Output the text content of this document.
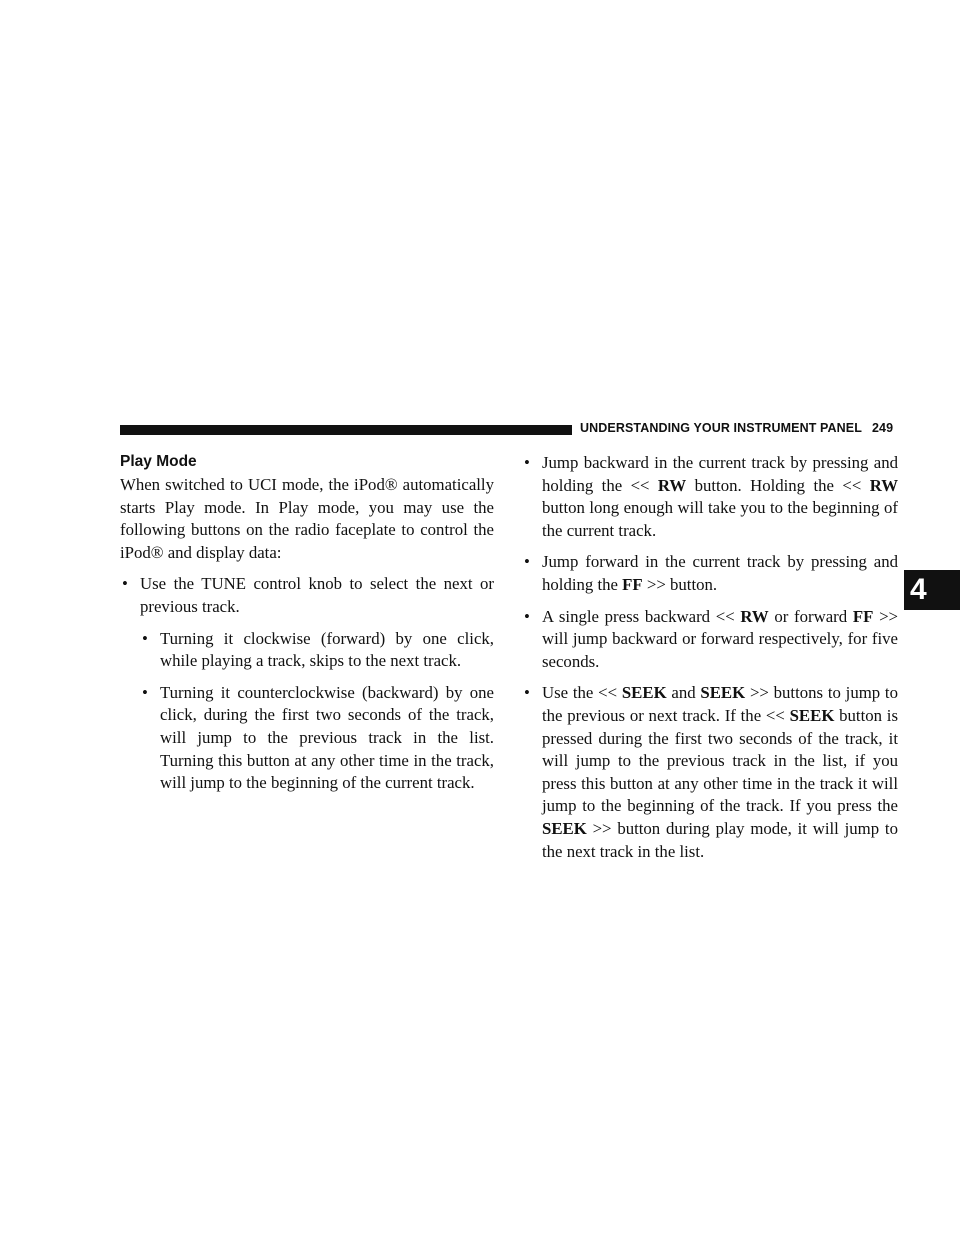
UNDERSTANDING YOUR INSTRUMENT PANEL 249
4
Play Mode

When switched to UCI mode, the iPod® automatically starts Play mode. In Play mode, you may use the following buttons on the radio faceplate to control the iPod® and display data:

• Use the TUNE control knob to select the next or previous track.
• Turning it clockwise (forward) by one click, while playing a track, skips to the next track.
• Turning it counterclockwise (backward) by one click, during the first two seconds of the track, will jump to the previous track in the list. Turning this button at any other time in the track, will jump to the beginning of the current track.
• Jump backward in the current track by pressing and holding the << RW button. Holding the << RW button long enough will take you to the beginning of the current track.
• Jump forward in the current track by pressing and holding the FF >> button.
• A single press backward << RW or forward FF >> will jump backward or forward respectively, for five seconds.
• Use the << SEEK and SEEK >> buttons to jump to the previous or next track. If the << SEEK button is pressed during the first two seconds of the track, it will jump to the previous track in the list, if you press this button at any other time in the track it will jump to the beginning of the track. If you press the SEEK >> button during play mode, it will jump to the next track in the list.
